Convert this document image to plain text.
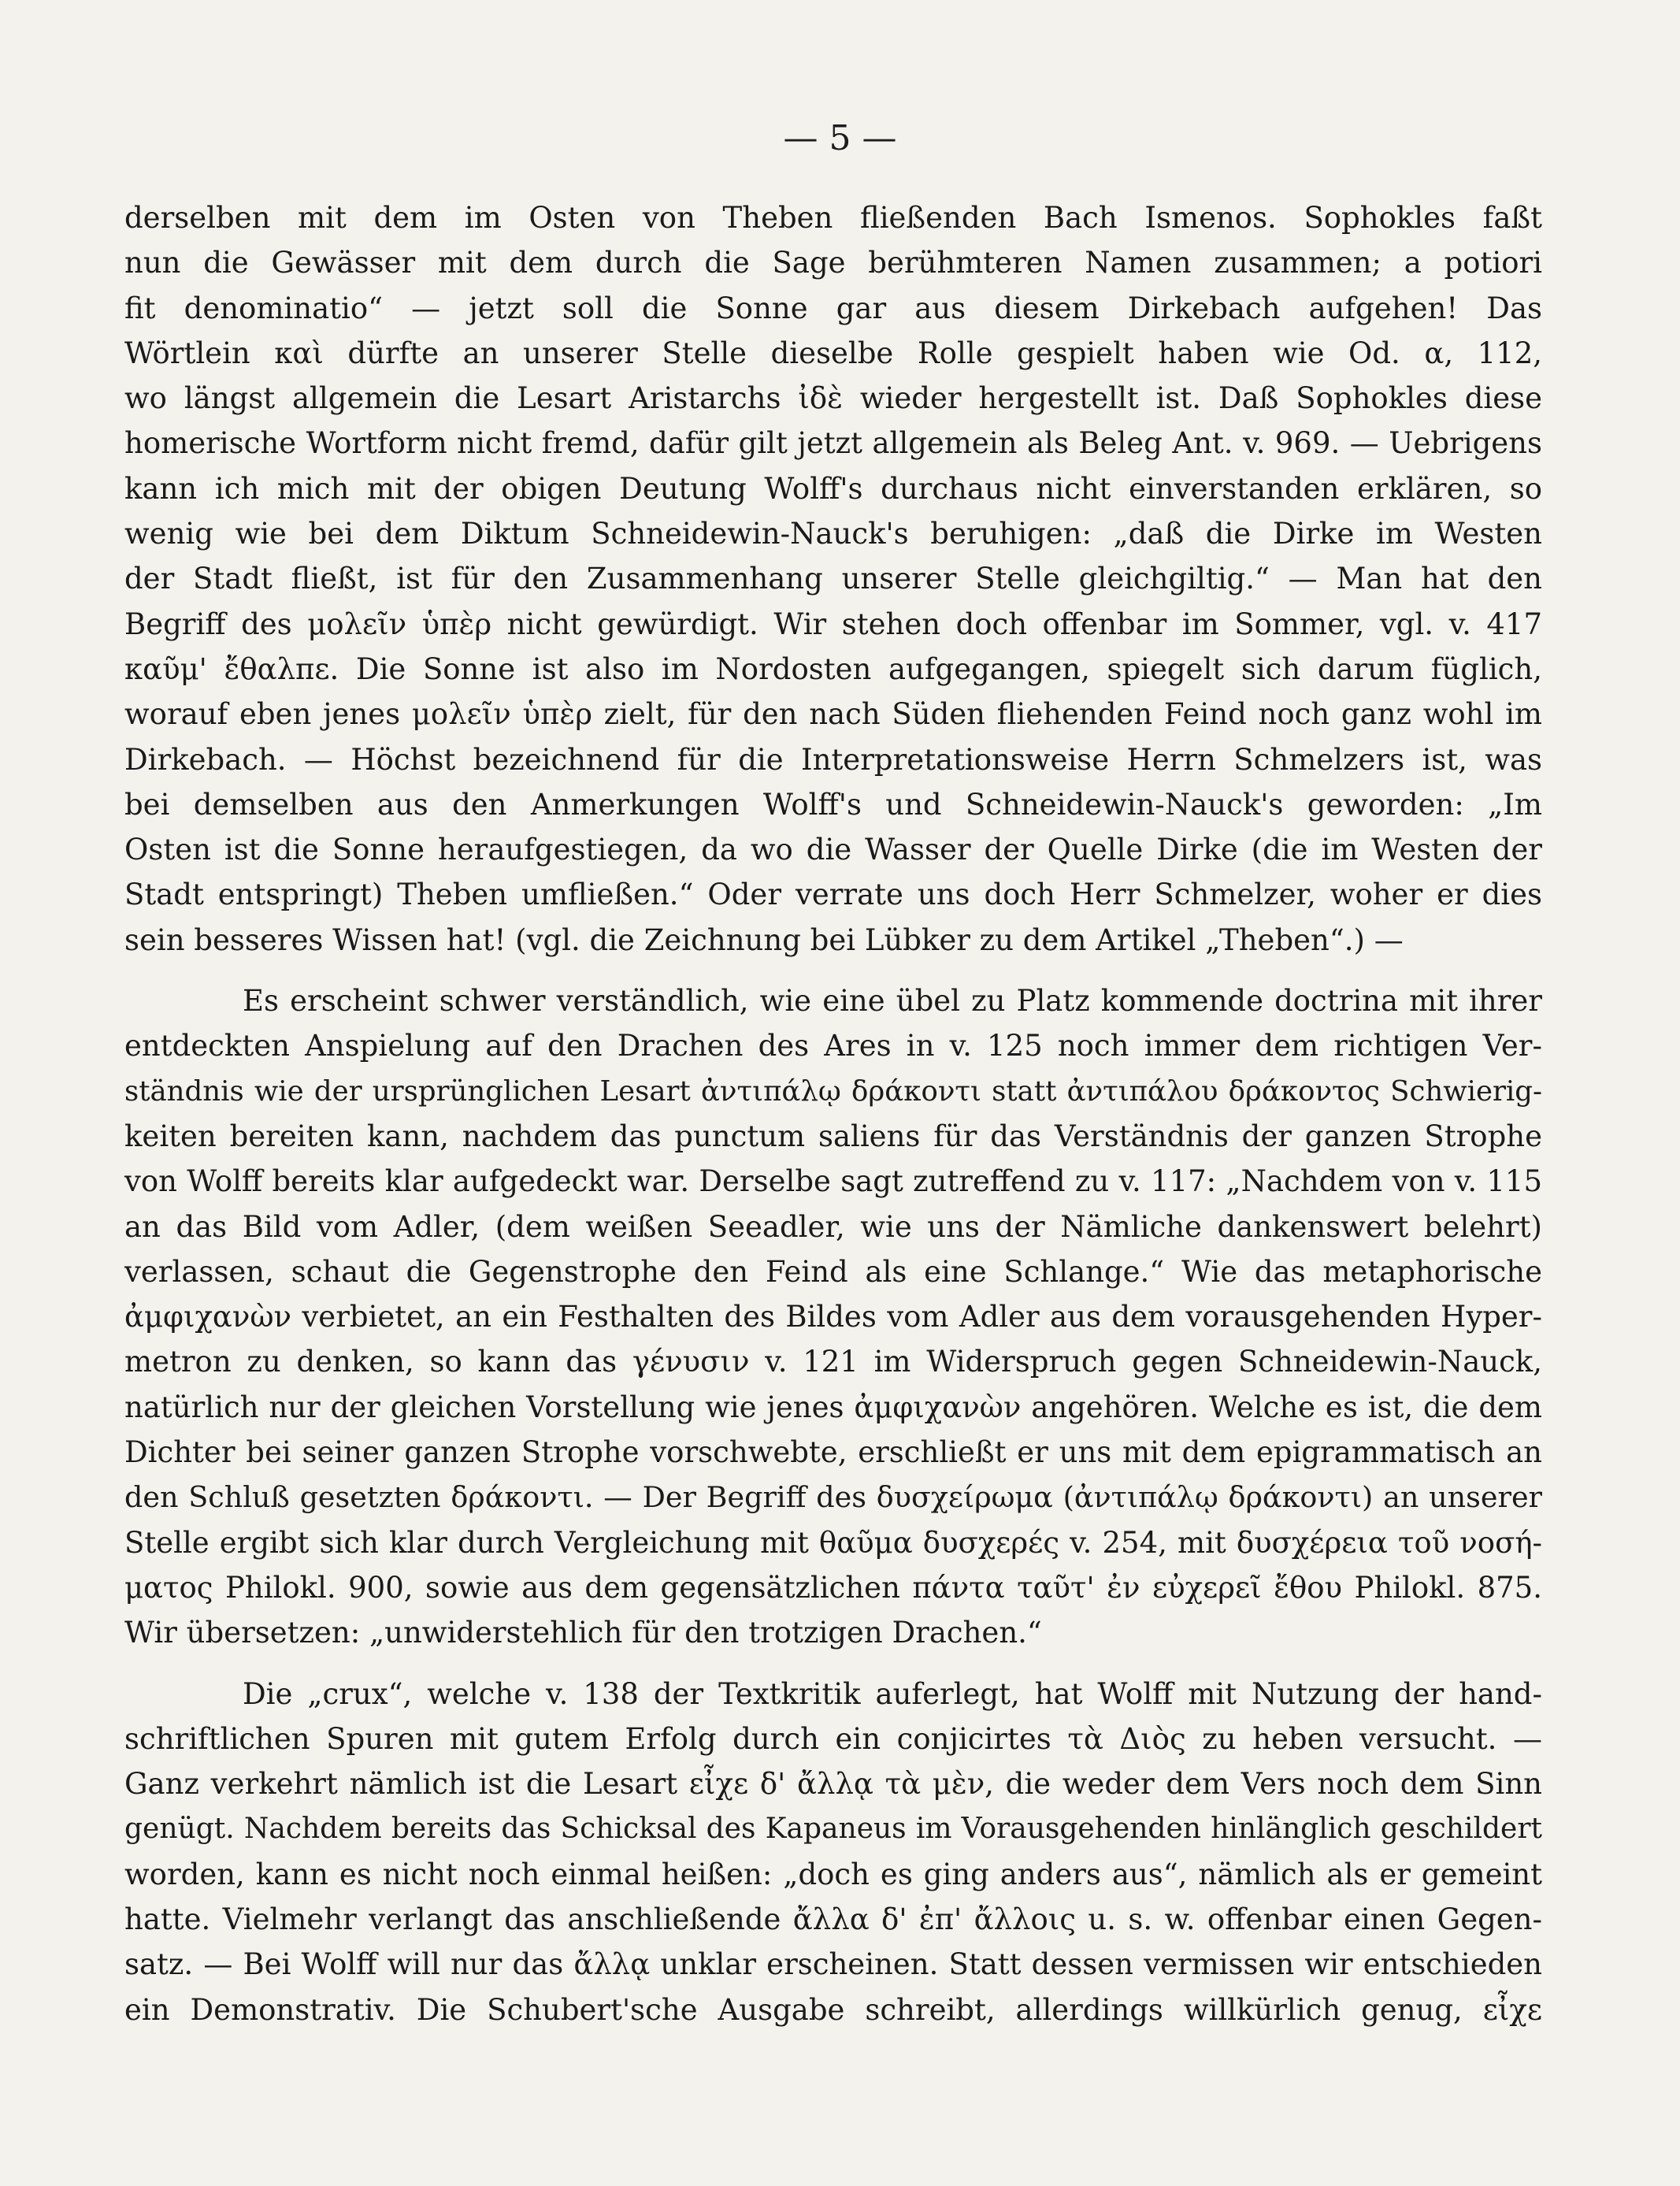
— 5 —
derselben mit dem im Osten von Theben fließenden Bach Ismenos. Sophokles faßt
nun die Gewässer mit dem durch die Sage berühmteren Namen zusammen; a potiori
fit denominatio“ — jetzt soll die Sonne gar aus diesem Dirkebach aufgehen! Das
Wörtlein καὶ dürfte an unserer Stelle dieselbe Rolle gespielt haben wie Od. α, 112,
wo längst allgemein die Lesart Aristarchs ἰδὲ wieder hergestellt ist. Daß Sophokles diese
homerische Wortform nicht fremd, dafür gilt jetzt allgemein als Beleg Ant. v. 969. — Uebrigens
kann ich mich mit der obigen Deutung Wolff's durchaus nicht einverstanden erklären, so
wenig wie bei dem Diktum Schneidewin-Nauck's beruhigen: „daß die Dirke im Westen
der Stadt fließt, ist für den Zusammenhang unserer Stelle gleichgiltig.“ — Man hat den
Begriff des μολεῖν ὑπὲρ nicht gewürdigt. Wir stehen doch offenbar im Sommer, vgl. v. 417
καῦμ' ἔθαλπε. Die Sonne ist also im Nordosten aufgegangen, spiegelt sich darum füglich,
worauf eben jenes μολεῖν ὑπὲρ zielt, für den nach Süden fliehenden Feind noch ganz wohl im
Dirkebach. — Höchst bezeichnend für die Interpretationsweise Herrn Schmelzers ist, was
bei demselben aus den Anmerkungen Wolff's und Schneidewin-Nauck's geworden: „Im
Osten ist die Sonne heraufgestiegen, da wo die Wasser der Quelle Dirke (die im Westen der
Stadt entspringt) Theben umfließen.“ Oder verrate uns doch Herr Schmelzer, woher er dies
sein besseres Wissen hat! (vgl. die Zeichnung bei Lübker zu dem Artikel „Theben“.) —
Es erscheint schwer verständlich, wie eine übel zu Platz kommende doctrina mit ihrer
entdeckten Anspielung auf den Drachen des Ares in v. 125 noch immer dem richtigen Ver-
ständnis wie der ursprünglichen Lesart ἀντιπάλῳ δράκοντι statt ἀντιπάλου δράκοντος Schwierig-
keiten bereiten kann, nachdem das punctum saliens für das Verständnis der ganzen Strophe
von Wolff bereits klar aufgedeckt war. Derselbe sagt zutreffend zu v. 117: „Nachdem von v. 115
an das Bild vom Adler, (dem weißen Seeadler, wie uns der Nämliche dankenswert belehrt)
verlassen, schaut die Gegenstrophe den Feind als eine Schlange.“ Wie das metaphorische
ἀμφιχανὼν verbietet, an ein Festhalten des Bildes vom Adler aus dem vorausgehenden Hyper-
metron zu denken, so kann das γένυσιν v. 121 im Widerspruch gegen Schneidewin-Nauck,
natürlich nur der gleichen Vorstellung wie jenes ἀμφιχανὼν angehören. Welche es ist, die dem
Dichter bei seiner ganzen Strophe vorschwebte, erschließt er uns mit dem epigrammatisch an
den Schluß gesetzten δράκοντι. — Der Begriff des δυσχείρωμα (ἀντιπάλῳ δράκοντι) an unserer
Stelle ergibt sich klar durch Vergleichung mit θαῦμα δυσχερές v. 254, mit δυσχέρεια τοῦ νοσή-
ματος Philokl. 900, sowie aus dem gegensätzlichen πάντα ταῦτ' ἐν εὐχερεῖ ἔθου Philokl. 875.
Wir übersetzen: „unwiderstehlich für den trotzigen Drachen.“
Die „crux“, welche v. 138 der Textkritik auferlegt, hat Wolff mit Nutzung der hand-
schriftlichen Spuren mit gutem Erfolg durch ein conjicirtes τὰ Διὸς zu heben versucht. —
Ganz verkehrt nämlich ist die Lesart εἶχε δ' ἄλλᾳ τὰ μὲν, die weder dem Vers noch dem Sinn
genügt. Nachdem bereits das Schicksal des Kapaneus im Vorausgehenden hinlänglich geschildert
worden, kann es nicht noch einmal heißen: „doch es ging anders aus“, nämlich als er gemeint
hatte. Vielmehr verlangt das anschließende ἄλλα δ' ἐπ' ἄλλοις u. s. w. offenbar einen Gegen-
satz. — Bei Wolff will nur das ἄλλᾳ unklar erscheinen. Statt dessen vermissen wir entschieden
ein Demonstrativ. Die Schubert'sche Ausgabe schreibt, allerdings willkürlich genug, εἶχε
